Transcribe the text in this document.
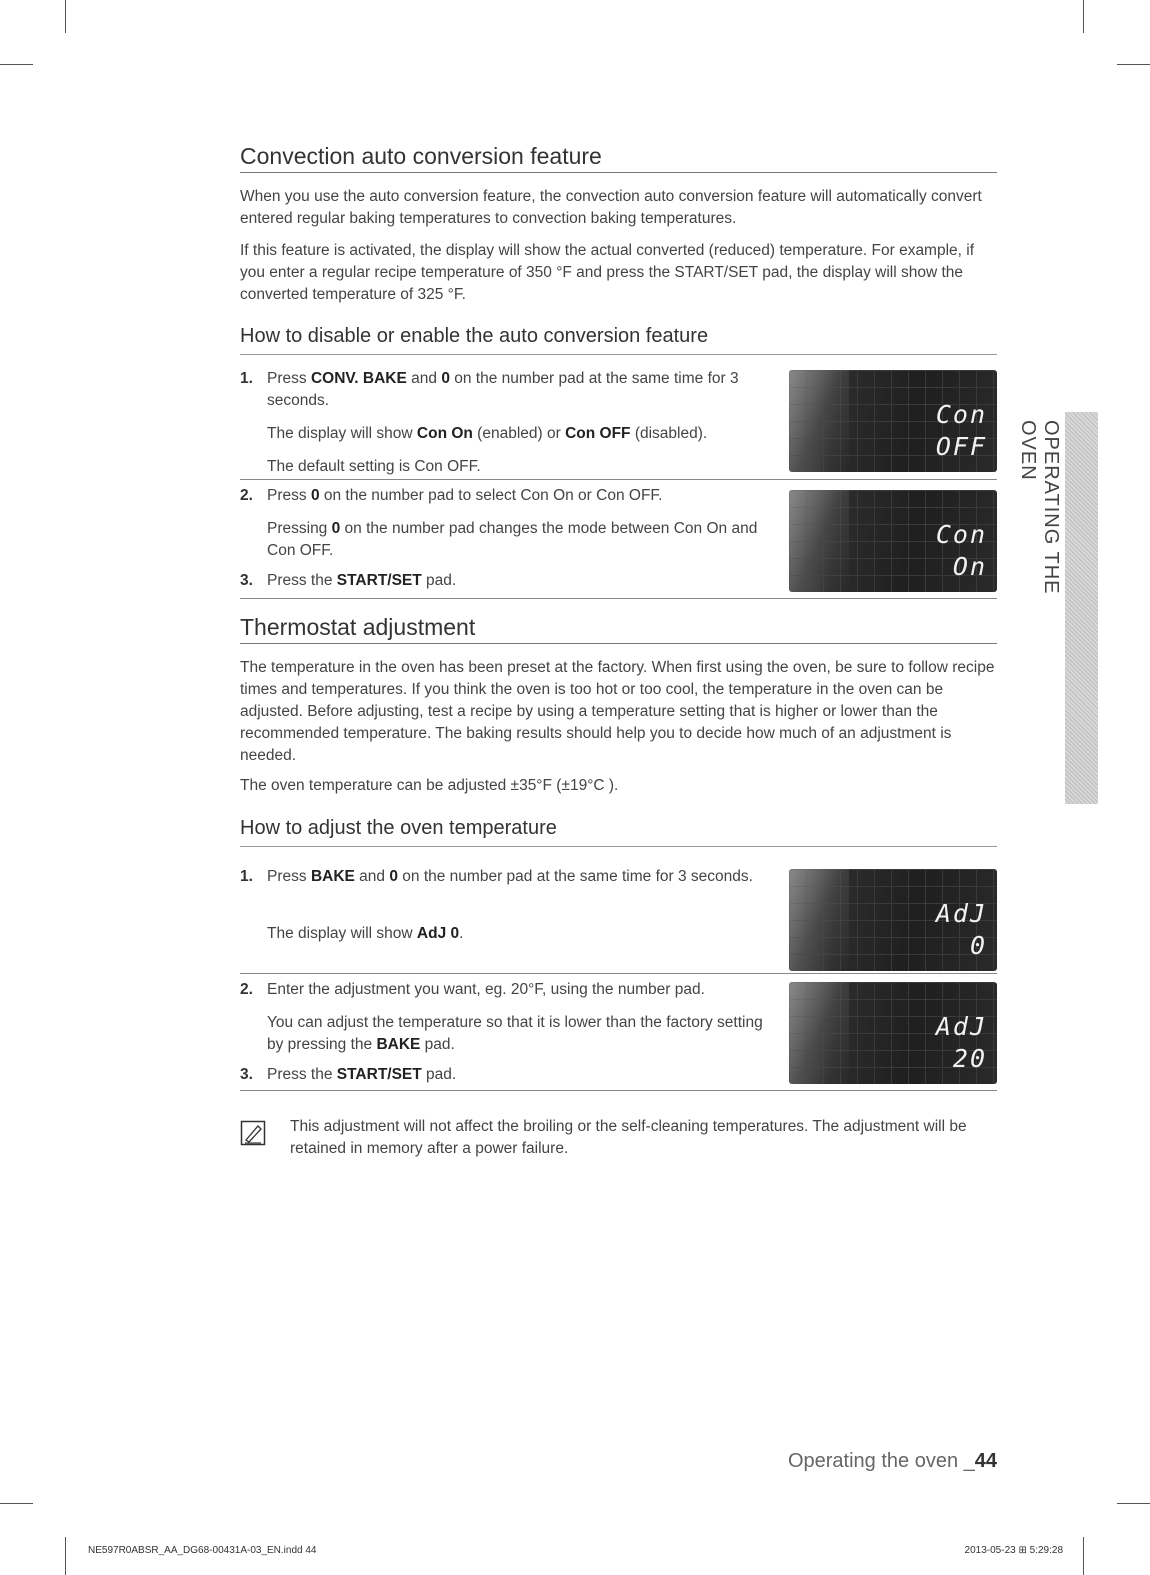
Convection auto conversion feature

When you use the auto conversion feature, the convection auto conversion feature will automatically convert entered regular baking temperatures to convection baking temperatures.

If this feature is activated, the display will show the actual converted (reduced) temperature. For example, if you enter a regular recipe temperature of 350 °F and press the START/SET pad, the display will show the converted temperature of 325 °F.

How to disable or enable the auto conversion feature
1. Press CONV. BAKE and 0 on the number pad at the same time for 3 seconds.
The display will show Con On (enabled) or Con OFF (disabled).
The default setting is Con OFF.
Con
OFF
2. Press 0 on the number pad to select Con On or Con OFF.
Pressing 0 on the number pad changes the mode between Con On and Con OFF.
3. Press the START/SET pad.
Con
On
Thermostat adjustment

The temperature in the oven has been preset at the factory. When first using the oven, be sure to follow recipe times and temperatures. If you think the oven is too hot or too cool, the temperature in the oven can be adjusted. Before adjusting, test a recipe by using a temperature setting that is higher or lower than the recommended temperature. The baking results should help you to decide how much of an adjustment is needed.

The oven temperature can be adjusted ±35°F (±19°C ).

How to adjust the oven temperature
1. Press BAKE and 0 on the number pad at the same time for 3 seconds.
The display will show AdJ 0.
AdJ
0
2. Enter the adjustment you want, eg. 20°F, using the number pad.
You can adjust the temperature so that it is lower than the factory setting by pressing the BAKE pad.
3. Press the START/SET pad.
AdJ
20
This adjustment will not affect the broiling or the self-cleaning temperatures. The adjustment will be retained in memory after a power failure.
OPERATING THE OVEN
Operating the oven _44
NE597R0ABSR_AA_DG68-00431A-03_EN.indd 44	2013-05-23 ⊞ 5:29:28
